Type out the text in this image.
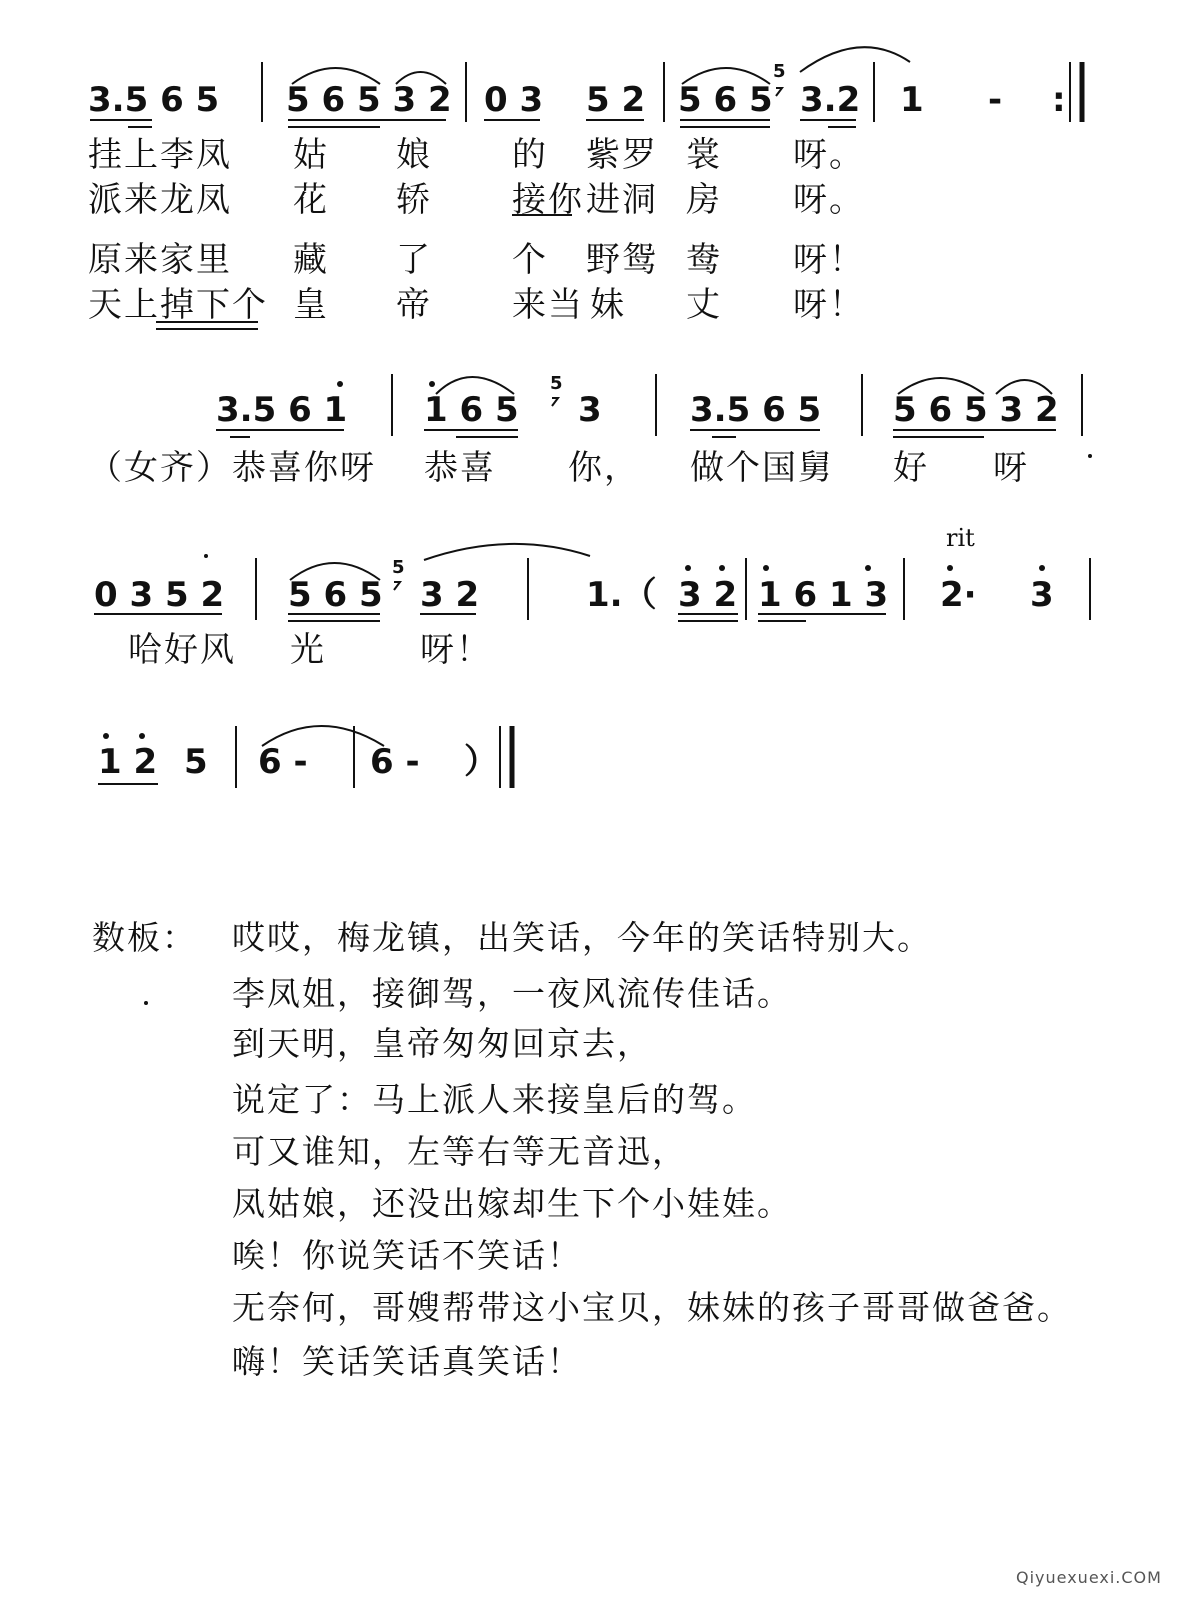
3.5 6 5 5 6 5 3 2 0 3 5 2 5 6 5
5
3.2 1 - :
挂上李凤 姑 娘 的 紫罗 裳 呀。
派来龙凤 花 轿 接你 进洞 房 呀。
原来家里 藏 了 个 野鸳 鸯 呀！
天上掉下个 皇 帝 来当 妹 丈 呀！
3.5 6 1 1 6 5
5
3	3.5 6 5 5 6 5 3 2
（女齐）恭喜你呀 恭喜 你， 做个国舅 好 呀
rit
0 3 5 2 5 6 5
5
3 2	1.（ 3 2 1 6 1 3 2· 3
哈好风 光	呀！
1 2 5 6 - 6 - ）
数板： 哎哎，梅龙镇，出笑话，今年的笑话特别大。
李凤姐，接御驾，一夜风流传佳话。
到天明，皇帝匆匆回京去，
说定了：马上派人来接皇后的驾。
可又谁知，左等右等无音迅，
凤姑娘，还没出嫁却生下个小娃娃。
唉！你说笑话不笑话！
无奈何，哥嫂帮带这小宝贝，妹妹的孩子哥哥做爸爸。
嗨！笑话笑话真笑话！
Qiyuexuexi.COM
